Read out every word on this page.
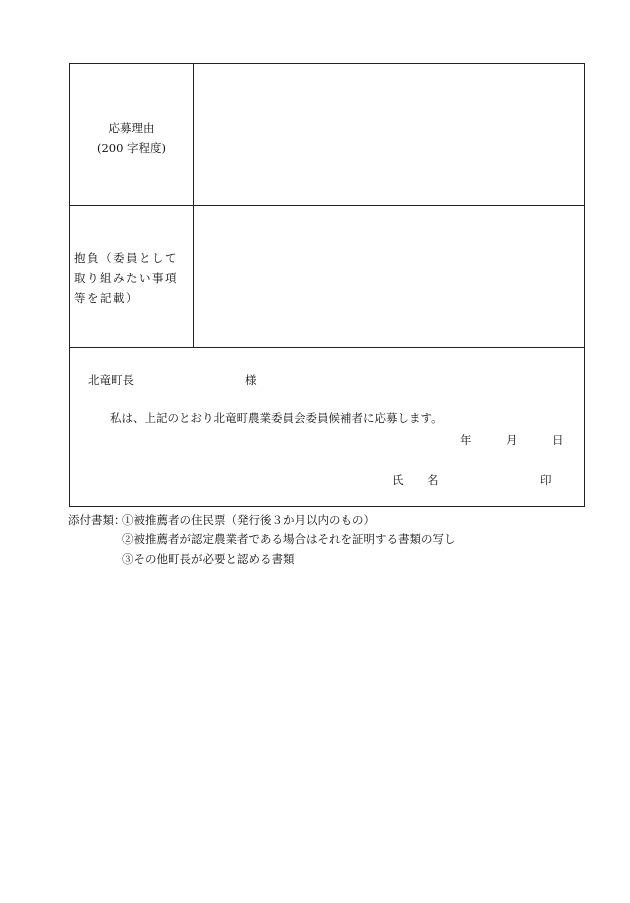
応募理由
(200 字程度)
抱負（委員として取り組みたい事項等を記載）
北竜町長	様
私は、上記のとおり北竜町農業委員会委員候補者に応募します。
年	月	日
氏 名	印
添付書類：
①被推薦者の住民票（発行後３か月以内のもの）
②被推薦者が認定農業者である場合はそれを証明する書類の写し
③その他町長が必要と認める書類
